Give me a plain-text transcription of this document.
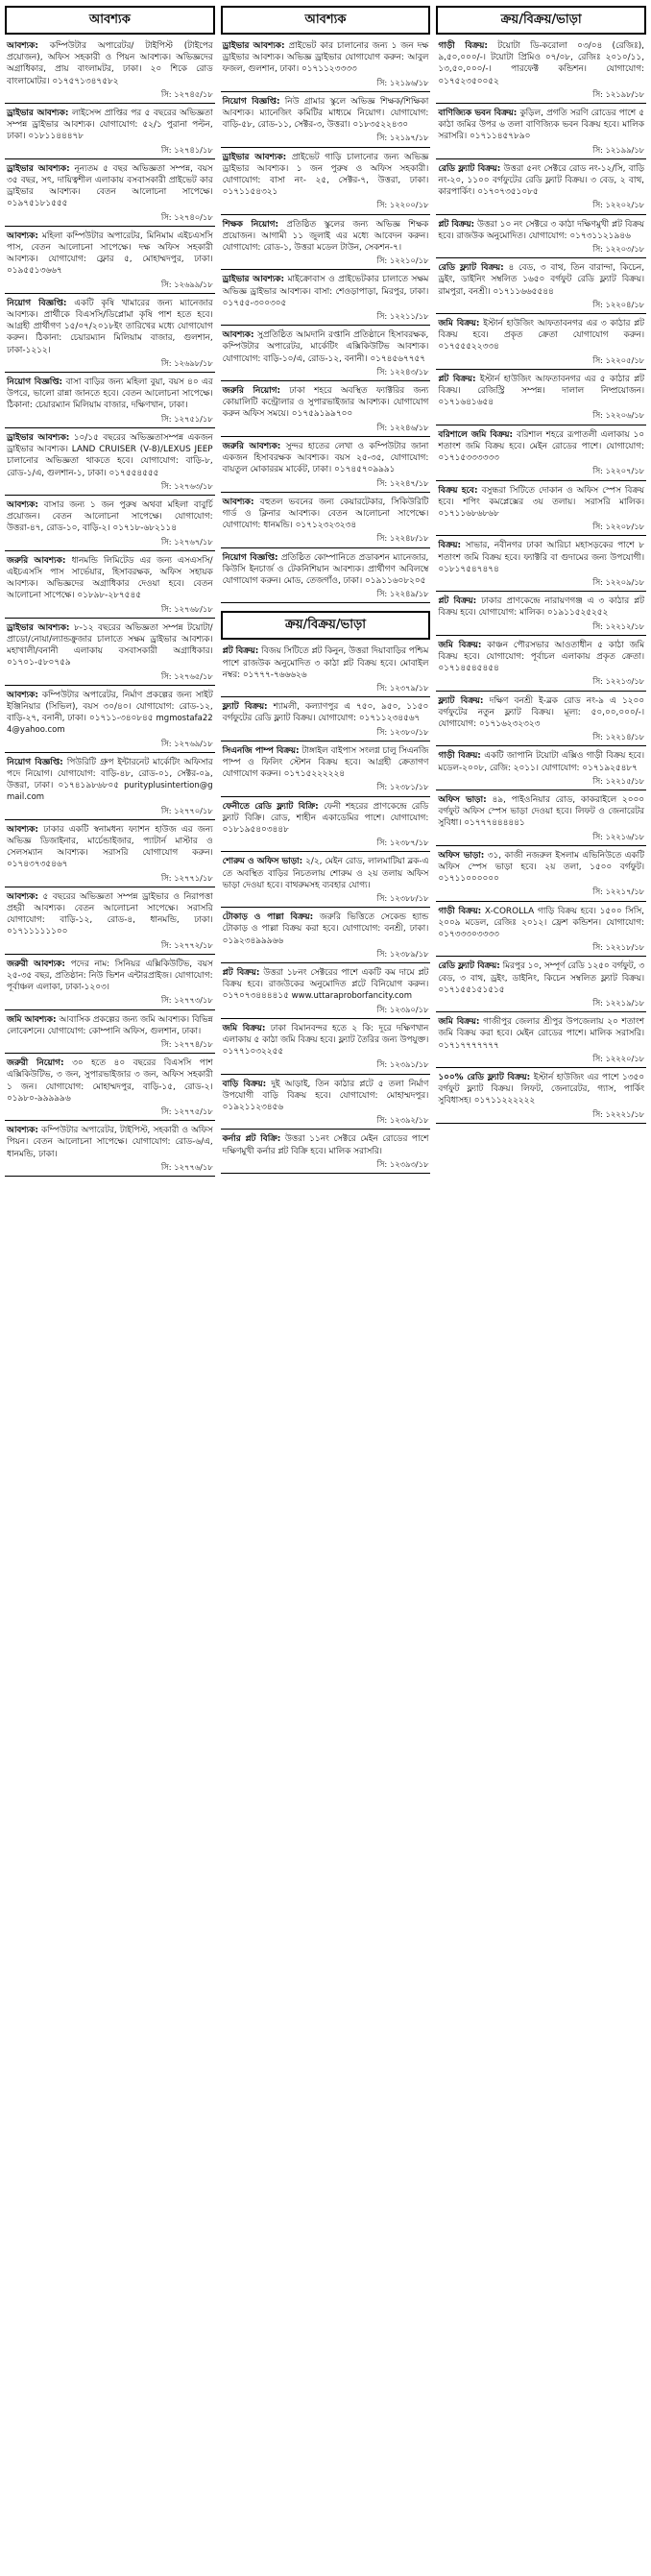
আবশ্যক
আবশ্যক: কম্পিউটার অপারেটর/ টাইপিস্ট (টাইপের প্রয়োজন), অফিস সহকারী ও পিয়ন আবশ্যক। অভিজ্ঞদের অগ্রাধিকার, প্রায় বাংলামটর, ঢাকা। ২০ শিকে রোড বাংলামোটর। ০১৭৫৭১৩৪৭৫৮২
সি: ১২৭৪৫/১৮
ড্রাইভার আবশ্যক: লাইসেন্স প্রাপ্তির পর ৫ বছরের অভিজ্ঞতা সম্পন্ন ড্রাইভার আবশ্যক। যোগাযোগ: ৫২/১ পুরানা পল্টন, ঢাকা। ০১৮১১৪৪৪৭৮
সি: ১২৭৪১/১৮
ড্রাইভার আবশ্যক: নূন্যতম ৫ বছর অভিজ্ঞতা সম্পন্ন, বয়স ৩৫ বছর, সৎ, দায়িত্বশীল এলাকায় বসবাসকারী প্রাইভেট কার ড্রাইভার আবশ্যক। বেতন আলোচনা সাপেক্ষে। ০১৯৭৫১৮১৫৫৫
সি: ১২৭৪০/১৮
আবশ্যক: মহিলা কম্পিউটার অপারেটর, মিনিমাম এইচএসসি পাস, বেতন আলোচনা সাপেক্ষে। দক্ষ অফিস সহকারী আবশ্যক। যোগাযোগ: ফ্লোর ৫, মোহাম্মদপুর, ঢাকা। ০১৯৫৫১৩৬৬৭
সি: ১২৬৯৯/১৮
নিয়োগ বিজ্ঞপ্তি: একটি কৃষি খামারের জন্য ম্যানেজার আবশ্যক। প্রার্থীকে বিএসসি/ডিপ্লোমা কৃষি পাশ হতে হবে। আগ্রহী প্রার্থীগণ ১৫/০৭/২০১৮ইং তারিখের মধ্যে যোগাযোগ করুন। ঠিকানা: চেয়ারম্যান মিলিয়াম বাজার, গুলশান, ঢাকা-১২১২।
সি: ১২৬৯৮/১৮
নিয়োগ বিজ্ঞপ্তি: বাসা বাড়ির জন্য মহিলা বুয়া, বয়স ৪০ এর উপরে, ভালো রান্না জানতে হবে। বেতন আলোচনা সাপেক্ষে। ঠিকানা: চেয়ারম্যান মিলিয়াম বাজার, দক্ষিণখান, ঢাকা।
সি: ১২৭৫১/১৮
ড্রাইভার আবশ্যক: ১০/১৫ বছরের অভিজ্ঞতাসম্পন্ন একজন ড্রাইভার আবশ্যক। LAND CRUISER (V-8)/LEXUS JEEP চালানোর অভিজ্ঞতা থাকতে হবে। যোগাযোগ: বাড়ি-৮, রোড-১/এ, গুলশান-১, ঢাকা। ০১৭৫৫৪৫৫৫
সি: ১২৭৬৩/১৮
আবশ্যক: বাসার জন্য ১ জন পুরুষ অথবা মহিলা বাবুর্চি প্রয়োজন। বেতন আলোচনা সাপেক্ষে। যোগাযোগ: উত্তরা-৪৭, রোড-১০, বাড়ি-২। ০১৭১৮-৬৮২১১৪
সি: ১২৭৬৭/১৮
জরুরি আবশ্যক: ধানমন্ডি লিমিটেড এর জন্য এসএসসি/এইচএসসি পাস সার্ভেয়ার, হিসাবরক্ষক, অফিস সহায়ক আবশ্যক। অভিজ্ঞদের অগ্রাধিকার দেওয়া হবে। বেতন আলোচনা সাপেক্ষে। ০১৮৯৮-২৮৭৫৪৫
সি: ১২৭৬৮/১৮
ড্রাইভার আবশ্যক: ৮-১২ বছরের অভিজ্ঞতা সম্পন্ন টয়োটা/প্রাডো/নোয়া/ল্যান্ডক্রুজার চালাতে সক্ষম ড্রাইভার আবশ্যক। মহাখালী/বনানী এলাকায় বসবাসকারী অগ্রাধিকার। ০১৭০১-৫৮০৭৫৯
সি: ১২৭৬৫/১৮
আবশ্যক: কম্পিউটার অপারেটর, নির্মাণ প্রকল্পের জন্য সাইট ইঞ্জিনিয়ার (সিভিল), বয়স ৩০/৪০। যোগাযোগ: রোড-১২, বাড়ি-২৭, বনানী, ঢাকা। ০১৭১১-৩৪০৮৪৫ mgmostafa224@yahoo.com
সি: ১২৭৬৯/১৮
নিয়োগ বিজ্ঞপ্তি: পিউরিটি গ্রুপ ইন্টারনেট মার্কেটিং অফিসার পদে নিয়োগ। যোগাযোগ: বাড়ি-৪৮, রোড-০১, সেক্টর-০৯, উত্তরা, ঢাকা। ০১৭৪১৯৮৬৮০৫ purityplusintertion@gmail.com
সি: ১২৭৭০/১৮
আবশ্যক: ঢাকার একটি স্বনামধন্য ফ্যাশন হাউজ এর জন্য অভিজ্ঞ ডিজাইনার, মার্চেন্ডাইজার, প্যাটার্ন মাস্টার ও সেলসম্যান আবশ্যক। সরাসরি যোগাযোগ করুন। ০১৭৪৩৭৩৫৪৬৭
সি: ১২৭৭১/১৮
আবশ্যক: ৫ বছরের অভিজ্ঞতা সম্পন্ন ড্রাইভার ও নিরাপত্তা প্রহরী আবশ্যক। বেতন আলোচনা সাপেক্ষে। সরাসরি যোগাযোগ: বাড়ি-১২, রোড-৪, ধানমন্ডি, ঢাকা। ০১৭১১১১১১০০
সি: ১২৭৭২/১৮
জরুরী আবশ্যক: পদের নাম: সিনিয়র এক্সিকিউটিভ, বয়স ২৫-৩৫ বছর, প্রতিষ্ঠান: নিউ ভিশন এন্টারপ্রাইজ। যোগাযোগ: পূর্বাঞ্চল এলাকা, ঢাকা-১২০৩।
সি: ১২৭৭৩/১৮
জমি আবশ্যক: আবাসিক প্রকল্পের জন্য জমি আবশ্যক। বিভিন্ন লোকেশনে। যোগাযোগ: কোম্পানি অফিস, গুলশান, ঢাকা।
সি: ১২৭৭৪/১৮
জরুরী নিয়োগ: ৩০ হতে ৪০ বছরের বিএসসি পাশ এক্সিকিউটিভ, ৩ জন, সুপারভাইজার ৩ জন, অফিস সহকারী ১ জন। যোগাযোগ: মোহাম্মদপুর, বাড়ি-১৫, রোড-২। ০১৯৮০-৯৯৯৯৯৬
সি: ১২৭৭৫/১৮
আবশ্যক: কম্পিউটার অপারেটর, টাইপিস্ট, সহকারী ও অফিস পিয়ন। বেতন আলোচনা সাপেক্ষে। যোগাযোগ: রোড-৬/এ, ধানমন্ডি, ঢাকা।
সি: ১২৭৭৬/১৮
আবশ্যক
ড্রাইভার আবশ্যক: প্রাইভেট কার চালানোর জন্য ১ জন দক্ষ ড্রাইভার আবশ্যক। অভিজ্ঞ ড্রাইভার যোগাযোগ করুন: আবুল ফজল, গুলশান, ঢাকা। ০১৭১১২৩৩৩৩
সি: ১২১৯৬/১৮
নিয়োগ বিজ্ঞপ্তি: নিউ গ্রামার স্কুলে অভিজ্ঞ শিক্ষক/শিক্ষিকা আবশ্যক। ম্যানেজিং কমিটির মাধ্যমে নিয়োগ। যোগাযোগ: বাড়ি-৫৮, রোড-১১, সেক্টর-৩, উত্তরা। ০১৮৩৫২২৪৩০
সি: ১২১৯৭/১৮
ড্রাইভার আবশ্যক: প্রাইভেট গাড়ি চালানোর জন্য অভিজ্ঞ ড্রাইভার আবশ্যক। ১ জন পুরুষ ও অফিস সহকারী। যোগাযোগ: বাসা নং- ২৫, সেক্টর-৭, উত্তরা, ঢাকা। ০১৭১১৫৪৩২১
সি: ১২২০০/১৮
শিক্ষক নিয়োগ: প্রতিষ্ঠিত স্কুলের জন্য অভিজ্ঞ শিক্ষক প্রয়োজন। আগামী ১১ জুলাই এর মধ্যে আবেদন করুন। যোগাযোগ: রোড-১, উত্তরা মডেল টাউন, সেকশন-৭।
সি: ১২২১০/১৮
ড্রাইভার আবশ্যক: মাইক্রোবাস ও প্রাইভেটকার চালাতে সক্ষম অভিজ্ঞ ড্রাইভার আবশ্যক। বাসা: শেওড়াপাড়া, মিরপুর, ঢাকা। ০১৭৫৫-৩০০৩০৫
সি: ১২২১১/১৮
আবশ্যক: সুপ্রতিষ্ঠিত আমদানি রপ্তানি প্রতিষ্ঠানে হিসাবরক্ষক, কম্পিউটার অপারেটর, মার্কেটিং এক্সিকিউটিভ আবশ্যক। যোগাযোগ: বাড়ি-১০/এ, রোড-১২, বনানী। ০১৭৪৫৬৭৭৫৭
সি: ১২২৪৩/১৮
জরুরি নিয়োগ: ঢাকা শহরে অবস্থিত ফ্যাক্টরির জন্য কোয়ালিটি কন্ট্রোলার ও সুপারভাইজার আবশ্যক। যোগাযোগ করুন অফিস সময়ে। ০১৭৫৯১৯৯৭০০
সি: ১২২৪৬/১৮
জরুরি আবশ্যক: সুন্দর হাতের লেখা ও কম্পিউটার জানা একজন হিসাবরক্ষক আবশ্যক। বয়স ২৫-৩৫, যোগাযোগ: বায়তুল মোকাররম মার্কেট, ঢাকা। ০১৭৪৫৭০৯৯৯১
সি: ১২২৪৭/১৮
আবশ্যক: বহুতল ভবনের জন্য কেয়ারটেকার, সিকিউরিটি গার্ড ও ক্লিনার আবশ্যক। বেতন আলোচনা সাপেক্ষে। যোগাযোগ: ধানমন্ডি। ০১৭১২৩২৩২৩৪
সি: ১২২৪৮/১৮
নিয়োগ বিজ্ঞপ্তি: প্রতিষ্ঠিত কোম্পানিতে প্রডাকশন ম্যানেজার, কিউসি ইনচার্জ ও টেকনিশিয়ান আবশ্যক। প্রার্থীগণ অবিলম্বে যোগাযোগ করুন। মোড, তেজগাঁও, ঢাকা। ০১৯১১৬০৮২০৫
সি: ১২২৪৯/১৮
ক্রয়/বিক্রয়/ভাড়া
প্লট বিক্রয়: বিজয় সিটিতে প্লট কিনুন, উত্তরা দিয়াবাড়ির পশ্চিম পাশে রাজউক অনুমোদিত ৩ কাঠা প্লট বিক্রয় হবে। মোবাইল নম্বর: ০১৭৭৭-৭৬৬৬২৬
সি: ১২৩৭৯/১৮
ফ্ল্যাট বিক্রয়: শ্যামলী, কল্যাণপুর এ ৭৫০, ৯৫০, ১১৫০ বর্গফুটের রেডি ফ্ল্যাট বিক্রয়। যোগাযোগ: ০১৭১১২৩৪৫৬৭
সি: ১২৩৮০/১৮
সিএনজি পাম্প বিক্রয়: টাঙ্গাইল বাইপাস সংলগ্ন চালু সিএনজি পাম্প ও ফিলিং স্টেশন বিক্রয় হবে। আগ্রহী ক্রেতাগণ যোগাযোগ করুন। ০১৭১৫২২২২২৪
সি: ১২৩৮১/১৮
ফেনীতে রেডি ফ্ল্যাট বিক্রি: ফেনী শহরের প্রাণকেন্দ্রে রেডি ফ্ল্যাট বিক্রি। রোড, শাহীন একাডেমির পাশে। যোগাযোগ: ০১৮১৯৫৪০৩৪৪৮
সি: ১২৩৮৭/১৮
শোরুম ও অফিস ভাড়া: ২/২, মেইন রোড, লালমাটিয়া ব্লক-এ তে অবস্থিত বাড়ির নিচতলায় শোরুম ও ২য় তলায় অফিস ভাড়া দেওয়া হবে। বাথরুমসহ ব্যবহার যোগ্য।
সি: ১২৩৮৮/১৮
টোকাড় ও পাল্লা বিক্রয়: জরুরি ভিত্তিতে সেকেন্ড হ্যান্ড টোকাড় ও পাল্লা বিক্রয় করা হবে। যোগাযোগ: বনশ্রী, ঢাকা। ০১৯২৩৪৯৯৯৬৬
সি: ১২৩৮৯/১৮
প্লট বিক্রয়: উত্তরা ১৮নং সেক্টরের পাশে একটি কম দামে প্লট বিক্রয় হবে। রাজউকের অনুমোদিত প্লটে বিনিয়োগ করুন। ০১৭০৭৩৪৪৪৪১৫ www.uttaraproborfancity.com
সি: ১২৩৯০/১৮
জমি বিক্রয়: ঢাকা বিমানবন্দর হতে ২ কি: দূরে দক্ষিণখান এলাকায় ৫ কাঠা জমি বিক্রয় হবে। ফ্ল্যাট তৈরির জন্য উপযুক্ত। ০১৭৭১০৩২২৫৫
সি: ১২৩৯১/১৮
বাড়ি বিক্রয়: দুই আড়াই, তিন কাঠার প্লটে ৫ তলা নির্মাণ উপযোগী বাড়ি বিক্রয় হবে। যোগাযোগ: মোহাম্মদপুর। ০১৯২১১২৩৪৫৬
সি: ১২৩৯২/১৮
কর্নার প্লট বিক্রি: উত্তরা ১১নং সেক্টরে মেইন রোডের পাশে দক্ষিণমুখী কর্নার প্লট বিক্রি হবে। মালিক সরাসরি।
সি: ১২৩৯৩/১৮
ক্রয়/বিক্রয়/ভাড়া
গাড়ী বিক্রয়: টয়োটা ডি-করোলা ০৩/০৪ (রেজিঃ), ৯,৫০,০০০/-। টয়োটা প্রিমিও ০৭/০৮, রেজিঃ ২০১০/১১, ১৩,৫০,০০০/-। পারফেক্ট কন্ডিশন। যোগাযোগ: ০১৭৫২৩৫০০৫২
সি: ১২১৯৮/১৮
বাণিজ্যিক ভবন বিক্রয়: কুড়িল, প্রগতি সরণি রোডের পাশে ৫ কাঠা জমির উপর ৬ তলা বাণিজ্যিক ভবন বিক্রয় হবে। মালিক সরাসরি। ০১৭১১৪৫৭৮৯০
সি: ১২১৯৯/১৮
রেডি ফ্ল্যাট বিক্রয়: উত্তরা ৫নং সেক্টরে রোড নং-১২/সি, বাড়ি নং-২০, ১১০০ বর্গফুটের রেডি ফ্ল্যাট বিক্রয়। ৩ বেড, ২ বাথ, কারপার্কিং। ০১৭০৭৩৫১০৮৫
সি: ১২২০২/১৮
প্লট বিক্রয়: উত্তরা ১০ নং সেক্টরে ৩ কাঠা দক্ষিণমুখী প্লট বিক্রয় হবে। রাজউক অনুমোদিত। যোগাযোগ: ০১৭৩১১২১৯৪৬
সি: ১২২০৩/১৮
রেডি ফ্ল্যাট বিক্রয়: ৪ বেড, ৩ বাথ, তিন বারান্দা, কিচেন, ড্রইং, ডাইনিং সম্বলিত ১৬৫০ বর্গফুট রেডি ফ্ল্যাট বিক্রয়। রামপুরা, বনশ্রী। ০১৭১১৬৬৫৫৪৪
সি: ১২২০৪/১৮
জমি বিক্রয়: ইস্টার্ন হাউজিং আফতাবনগর এর ৩ কাঠার প্লট বিক্রয় হবে। প্রকৃত ক্রেতা যোগাযোগ করুন। ০১৭৫৫৫২২৩৩৪
সি: ১২২০৫/১৮
প্লট বিক্রয়: ইস্টার্ন হাউজিং আফতাবনগর এর ৫ কাঠার প্লট বিক্রয়। রেজিস্ট্রি সম্পন্ন। দালাল নিষ্প্রয়োজন। ০১৭১৬৪১৬৫৪
সি: ১২২০৬/১৮
বরিশালে জমি বিক্রয়: বরিশাল শহরে রূপাতলী এলাকায় ১০ শতাংশ জমি বিক্রয় হবে। মেইন রোডের পাশে। যোগাযোগ: ০১৭১৫৩৩৩৩৩৩
সি: ১২২০৭/১৮
বিক্রয় হবে: বসুন্ধরা সিটিতে দোকান ও অফিস স্পেস বিক্রয় হবে। শপিং কমপ্লেক্সের ৩য় তলায়। সরাসরি মালিক। ০১৭১১৬৮৬৮৬৮
সি: ১২২০৮/১৮
বিক্রয়: সাভার, নবীনগর ঢাকা আরিচা মহাসড়কের পাশে ৮ শতাংশ জমি বিক্রয় হবে। ফ্যাক্টরি বা গুদামের জন্য উপযোগী। ০১৮১৭৫৪৭৪৭৪
সি: ১২২০৯/১৮
প্লট বিক্রয়: ঢাকার প্রাণকেন্দ্রে নারায়ণগঞ্জ এ ৩ কাঠার প্লট বিক্রয় হবে। যোগাযোগ: মালিক। ০১৯১১৫২৫২৫২
সি: ১২২১২/১৮
জমি বিক্রয়: কাঞ্চন পৌরসভার আওতাধীন ৫ কাঠা জমি বিক্রয় হবে। যোগাযোগ: পূর্বাচল এলাকায় প্রকৃত ক্রেতা। ০১৭১৪৫৪৫৪৫৪
সি: ১২২১৩/১৮
ফ্ল্যাট বিক্রয়: দক্ষিণ বনশ্রী ই-ব্লক রোড নং-৯ এ ১২০০ বর্গফুটের নতুন ফ্ল্যাট বিক্রয়। মূল্য: ৫০,০০,০০০/-। যোগাযোগ: ০১৭১৬২৩২৩২৩
সি: ১২২১৪/১৮
গাড়ী বিক্রয়: একটি জাপানি টয়োটা এক্সিও গাড়ী বিক্রয় হবে। মডেল-২০০৮, রেজি: ২০১১। যোগাযোগ: ০১৭১৯২৫৪৮৭
সি: ১২২১৫/১৮
অফিস ভাড়া: ৪৯, পাইওনিয়ার রোড, কাকরাইলে ২০০০ বর্গফুট অফিস স্পেস ভাড়া দেওয়া হবে। লিফট ও জেনারেটর সুবিধা। ০১৭৭৭৪৪৪৪৪১
সি: ১২২১৬/১৮
অফিস ভাড়া: ৩১, কাজী নজরুল ইসলাম এভিনিউতে একটি অফিস স্পেস ভাড়া হবে। ২য় তলা, ১৫০০ বর্গফুট। ০১৭১১০০০০০০
সি: ১২২১৭/১৮
গাড়ী বিক্রয়: X-COROLLA গাড়ি বিক্রয় হবে। ১৫০০ সিসি, ২০০৯ মডেল, রেজিঃ ২০১২। ফ্রেশ কন্ডিশন। যোগাযোগ: ০১৭৩৩৩০৩৩৩৩
সি: ১২২১৮/১৮
রেডি ফ্ল্যাট বিক্রয়: মিরপুর ১০, সম্পূর্ণ রেডি ১২৫০ বর্গফুট, ৩ বেড, ৩ বাথ, ড্রইং, ডাইনিং, কিচেন সম্বলিত ফ্ল্যাট বিক্রয়। ০১৭১৫৫১৫১৫১৫
সি: ১২২১৯/১৮
জমি বিক্রয়: গাজীপুর জেলার শ্রীপুর উপজেলায় ২০ শতাংশ জমি বিক্রয় করা হবে। মেইন রোডের পাশে। মালিক সরাসরি। ০১৭১৭৭৭৭৭৭৭
সি: ১২২২০/১৮
১০০% রেডি ফ্ল্যাট বিক্রয়: ইস্টার্ন হাউজিং এর পাশে ১৩৫০ বর্গফুট ফ্ল্যাট বিক্রয়। লিফট, জেনারেটর, গ্যাস, পার্কিং সুবিধাসহ। ০১৭১১২২২২২২
সি: ১২২২১/১৮
